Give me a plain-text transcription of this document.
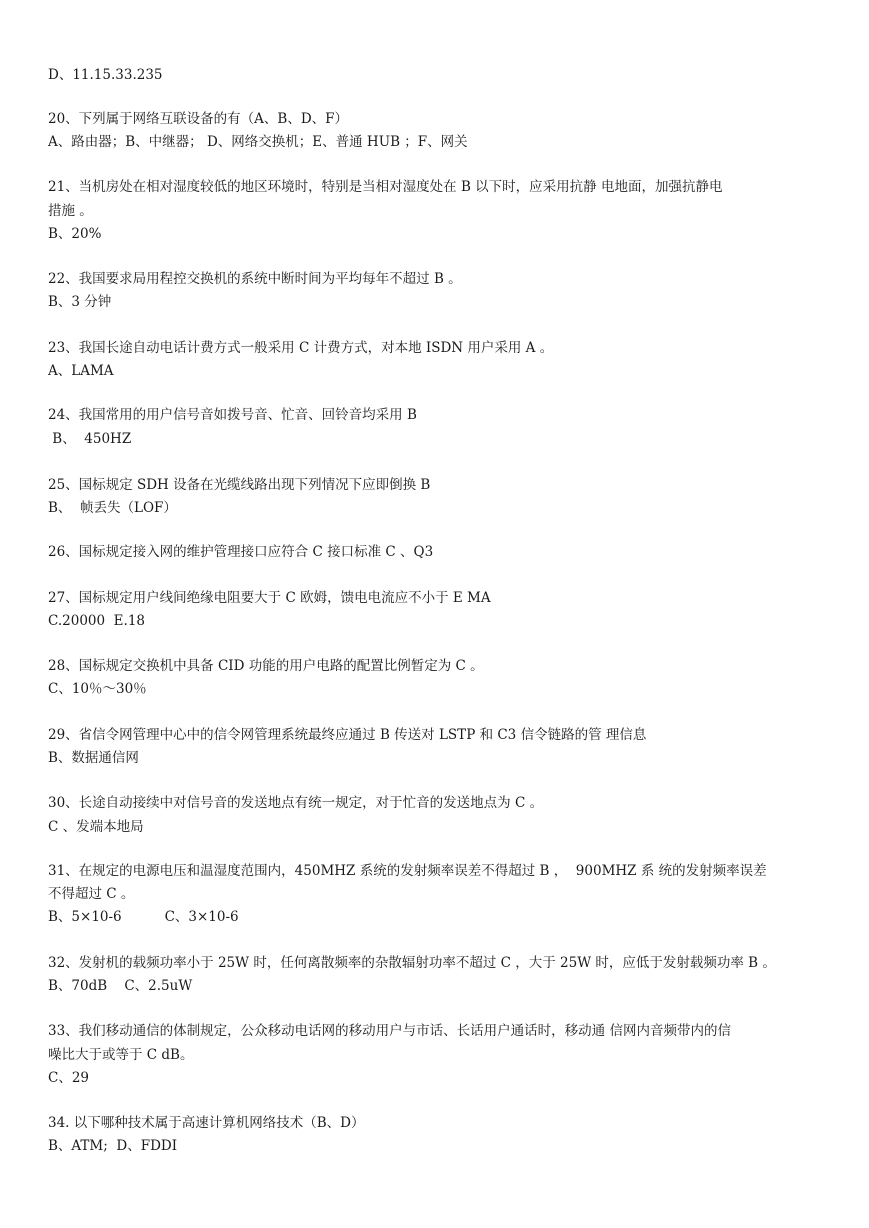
D、11.15.33.235
20、下列属于网络互联设备的有（A、B、D、F）
A、路由器；B、中继器； D、网络交换机；E、普通 HUB ；F、网关
21、当机房处在相对湿度较低的地区环境时，特别是当相对湿度处在 B 以下时，应采用抗静 电地面，加强抗静电
措施 。
B、20%
22、我国要求局用程控交换机的系统中断时间为平均每年不超过 B 。
B、3 分钟
23、我国长途自动电话计费方式一般采用 C 计费方式，对本地 ISDN 用户采用 A 。
A、LAMA
24、我国常用的用户信号音如拨号音、忙音、回铃音均采用 B
B、  450HZ
25、国标规定 SDH 设备在光缆线路出现下列情况下应即倒换 B
B、  帧丢失（LOF）
26、国标规定接入网的维护管理接口应符合 C 接口标准 C 、Q3
27、国标规定用户线间绝缘电阻要大于 C 欧姆，馈电电流应不小于 E MA
C.20000  E.18
28、国标规定交换机中具备 CID 功能的用户电路的配置比例暂定为 C 。
C、10％～30％
29、省信令网管理中心中的信令网管理系统最终应通过 B 传送对 LSTP 和 C3 信令链路的管 理信息
B、数据通信网
30、长途自动接续中对信号音的发送地点有统一规定，对于忙音的发送地点为 C 。
C 、发端本地局
31、在规定的电源电压和温湿度范围内，450MHZ 系统的发射频率误差不得超过 B ，  900MHZ 系 统的发射频率误差
不得超过 C 。
B、5×10-6          C、3×10-6
32、发射机的载频功率小于 25W 时，任何离散频率的杂散辐射功率不超过 C ，大于 25W 时，应低于发射载频功率 B 。
B、70dB    C、2.5uW
33、我们移动通信的体制规定，公众移动电话网的移动用户与市话、长话用户通话时，移动通 信网内音频带内的信
噪比大于或等于 C dB。
C、29
34. 以下哪种技术属于高速计算机网络技术（B、D）
B、ATM;  D、FDDI
